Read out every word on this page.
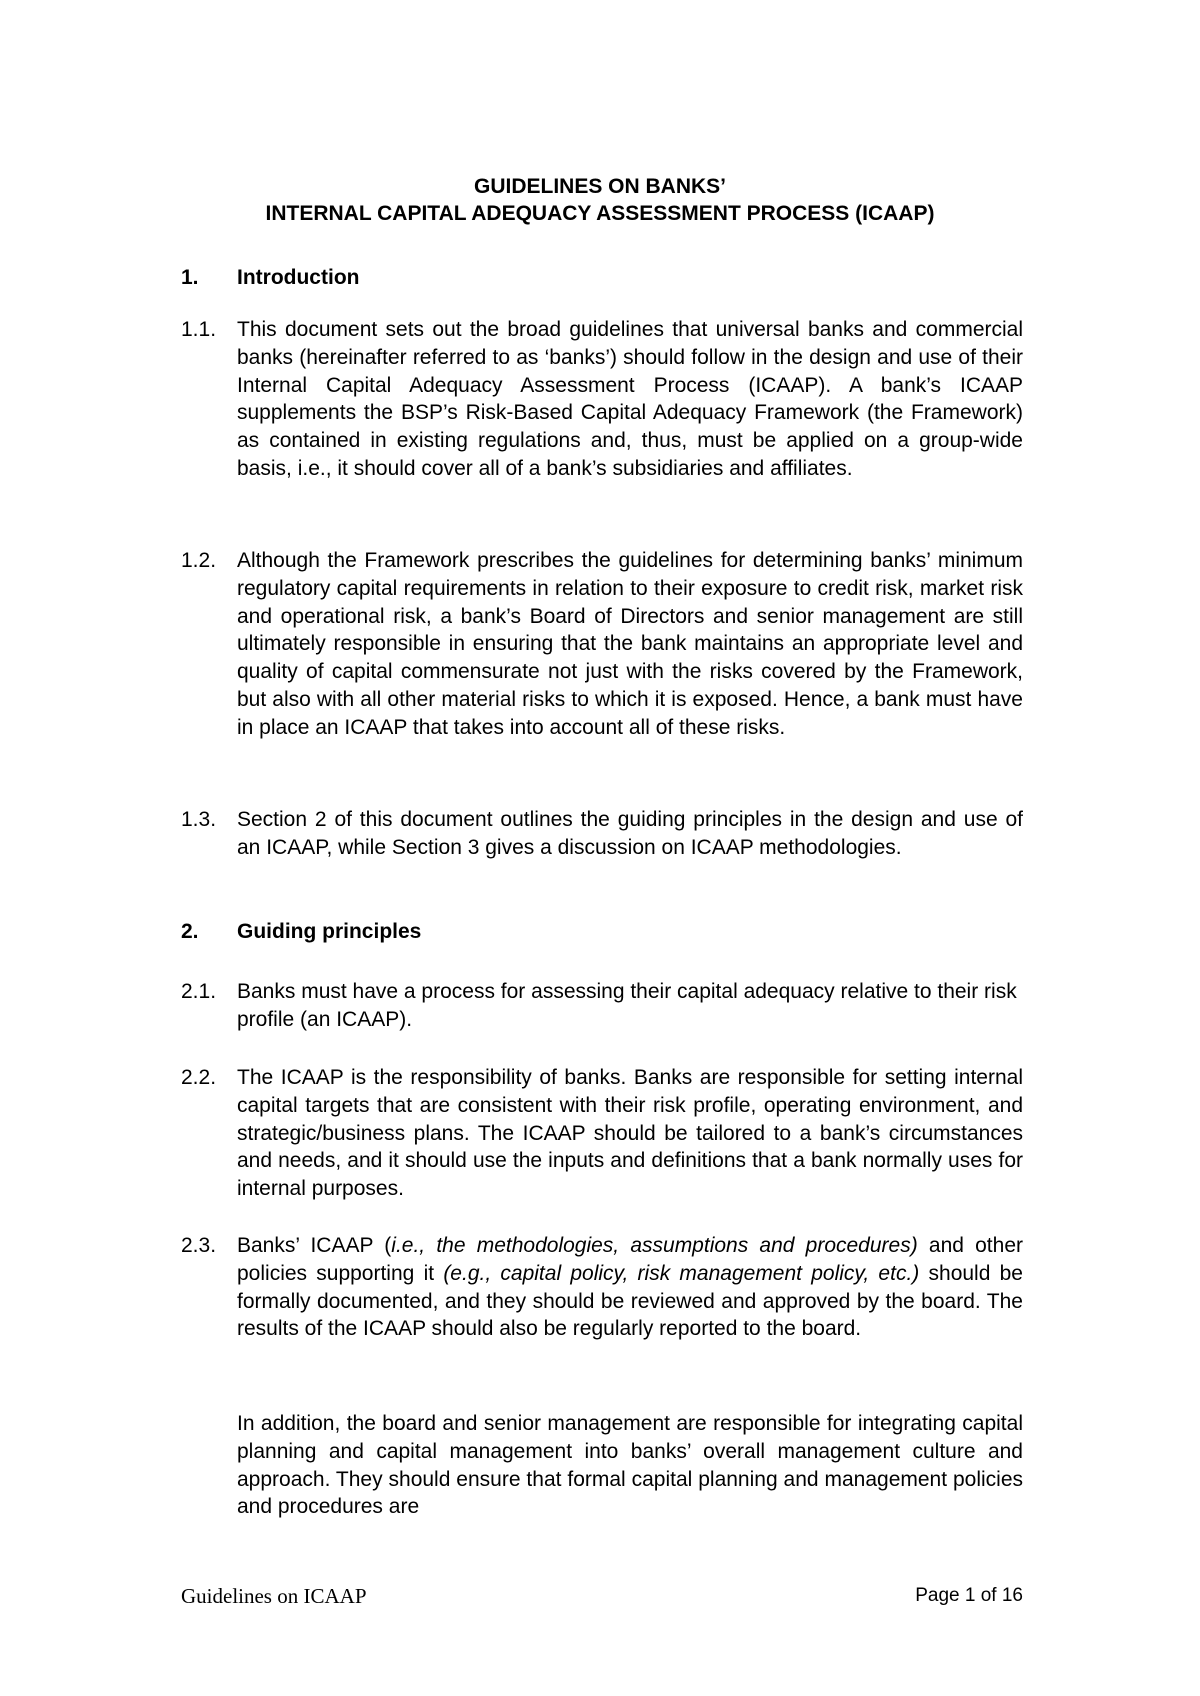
GUIDELINES ON BANKS’
INTERNAL CAPITAL ADEQUACY ASSESSMENT PROCESS (ICAAP)
1. Introduction
1.1. This document sets out the broad guidelines that universal banks and commercial banks (hereinafter referred to as ‘banks’) should follow in the design and use of their Internal Capital Adequacy Assessment Process (ICAAP). A bank’s ICAAP supplements the BSP’s Risk-Based Capital Adequacy Framework (the Framework) as contained in existing regulations and, thus, must be applied on a group-wide basis, i.e., it should cover all of a bank’s subsidiaries and affiliates.
1.2. Although the Framework prescribes the guidelines for determining banks’ minimum regulatory capital requirements in relation to their exposure to credit risk, market risk and operational risk, a bank’s Board of Directors and senior management are still ultimately responsible in ensuring that the bank maintains an appropriate level and quality of capital commensurate not just with the risks covered by the Framework, but also with all other material risks to which it is exposed. Hence, a bank must have in place an ICAAP that takes into account all of these risks.
1.3. Section 2 of this document outlines the guiding principles in the design and use of an ICAAP, while Section 3 gives a discussion on ICAAP methodologies.
2. Guiding principles
2.1. Banks must have a process for assessing their capital adequacy relative to their risk profile (an ICAAP).
2.2. The ICAAP is the responsibility of banks. Banks are responsible for setting internal capital targets that are consistent with their risk profile, operating environment, and strategic/business plans. The ICAAP should be tailored to a bank’s circumstances and needs, and it should use the inputs and definitions that a bank normally uses for internal purposes.
2.3. Banks’ ICAAP (i.e., the methodologies, assumptions and procedures) and other policies supporting it (e.g., capital policy, risk management policy, etc.) should be formally documented, and they should be reviewed and approved by the board. The results of the ICAAP should also be regularly reported to the board.
In addition, the board and senior management are responsible for integrating capital planning and capital management into banks’ overall management culture and approach. They should ensure that formal capital planning and management policies and procedures are
Guidelines on ICAAP	Page 1 of 16
